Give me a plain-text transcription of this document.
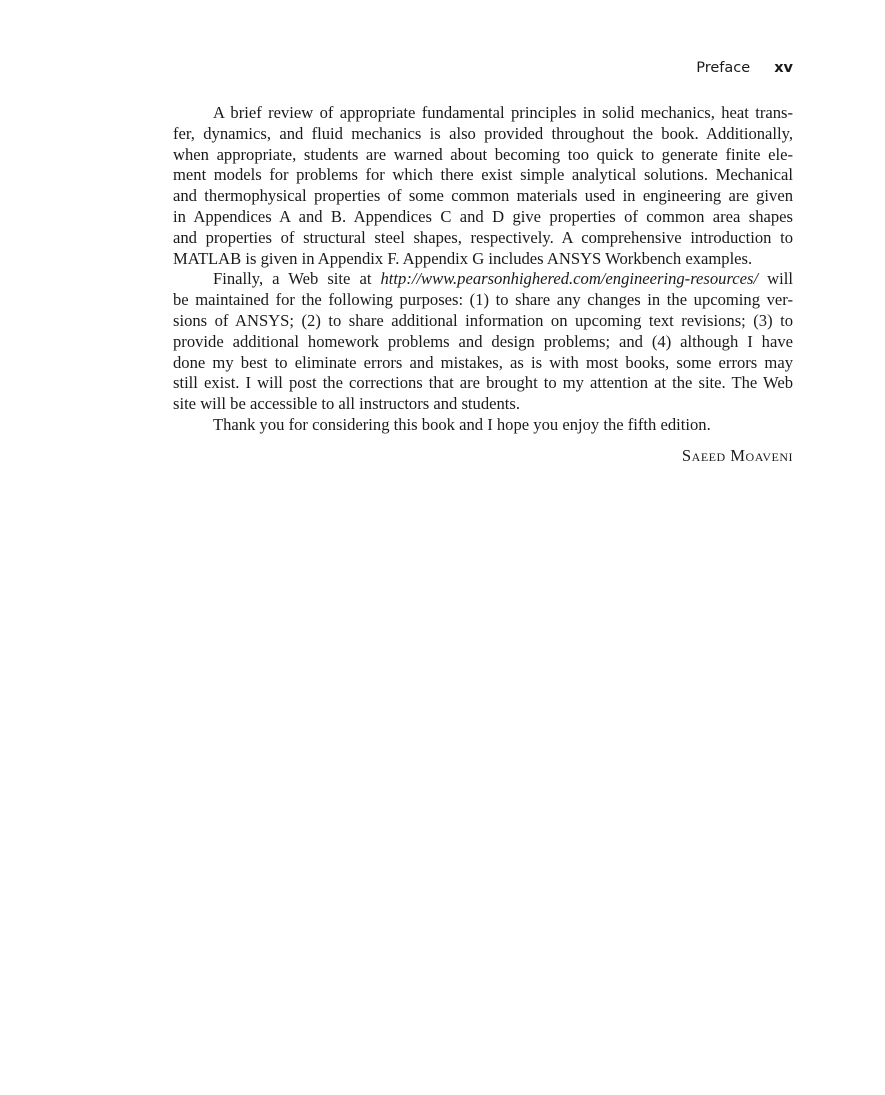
Preface xv
A brief review of appropriate fundamental principles in solid mechanics, heat trans-
fer, dynamics, and fluid mechanics is also provided throughout the book. Additionally,
when appropriate, students are warned about becoming too quick to generate finite ele-
ment models for problems for which there exist simple analytical solutions. Mechanical
and thermophysical properties of some common materials used in engineering are given
in Appendices A and B. Appendices C and D give properties of common area shapes
and properties of structural steel shapes, respectively. A comprehensive introduction to
MATLAB is given in Appendix F. Appendix G includes ANSYS Workbench examples.
Finally, a Web site at http://www.pearsonhighered.com/engineering-resources/ will
be maintained for the following purposes: (1) to share any changes in the upcoming ver-
sions of ANSYS; (2) to share additional information on upcoming text revisions; (3) to
provide additional homework problems and design problems; and (4) although I have
done my best to eliminate errors and mistakes, as is with most books, some errors may
still exist. I will post the corrections that are brought to my attention at the site. The Web
site will be accessible to all instructors and students.
Thank you for considering this book and I hope you enjoy the fifth edition.
Saeed Moaveni
